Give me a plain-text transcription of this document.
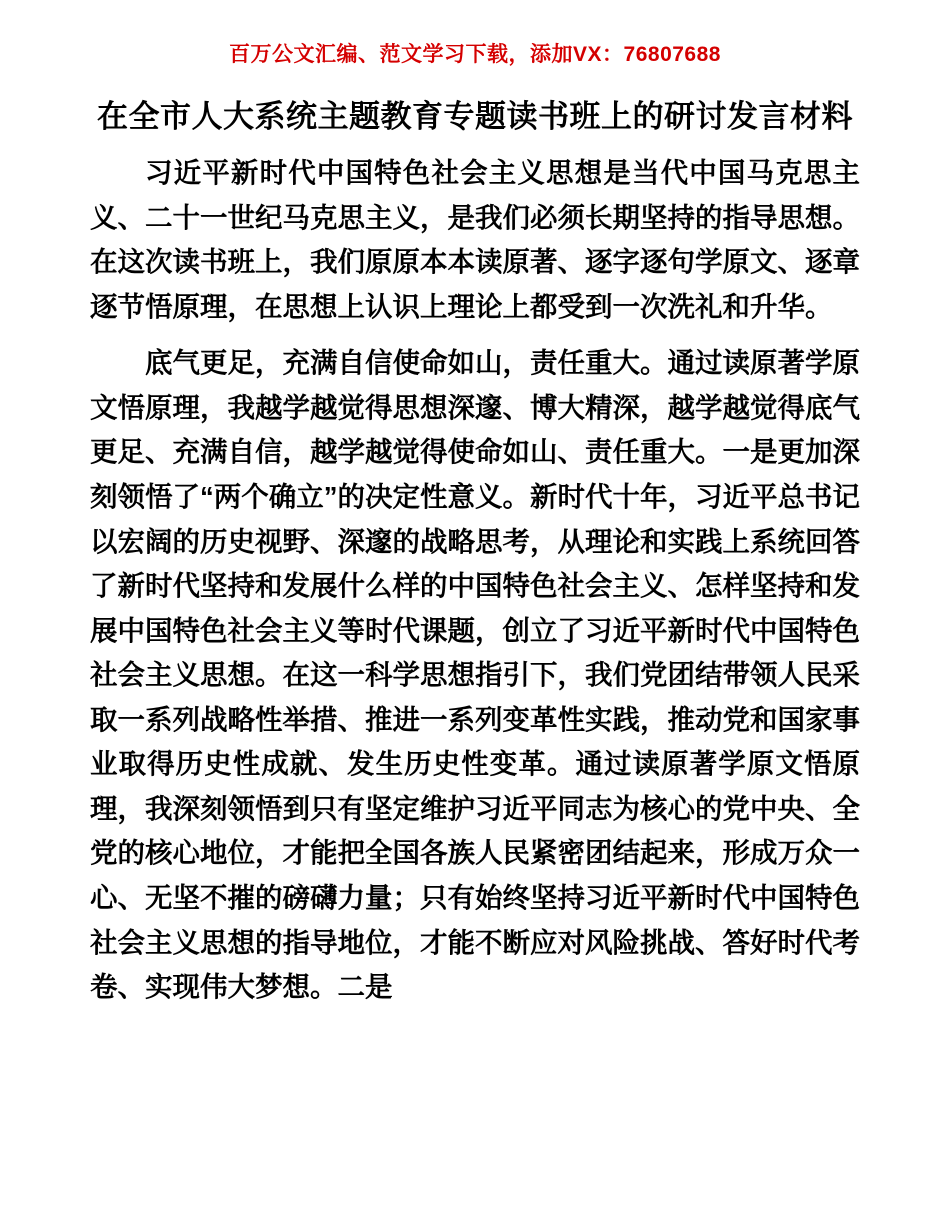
百万公文汇编、范文学习下载，添加VX：76807688
在全市人大系统主题教育专题读书班上的研讨发言材料

习近平新时代中国特色社会主义思想是当代中国马克思主义、二十一世纪马克思主义，是我们必须长期坚持的指导思想。在这次读书班上，我们原原本本读原著、逐字逐句学原文、逐章逐节悟原理，在思想上认识上理论上都受到一次洗礼和升华。

底气更足，充满自信使命如山，责任重大。通过读原著学原文悟原理，我越学越觉得思想深邃、博大精深，越学越觉得底气更足、充满自信，越学越觉得使命如山、责任重大。一是更加深刻领悟了“两个确立”的决定性意义。新时代十年，习近平总书记以宏阔的历史视野、深邃的战略思考，从理论和实践上系统回答了新时代坚持和发展什么样的中国特色社会主义、怎样坚持和发展中国特色社会主义等时代课题，创立了习近平新时代中国特色社会主义思想。在这一科学思想指引下，我们党团结带领人民采取一系列战略性举措、推进一系列变革性实践，推动党和国家事业取得历史性成就、发生历史性变革。通过读原著学原文悟原理，我深刻领悟到只有坚定维护习近平同志为核心的党中央、全党的核心地位，才能把全国各族人民紧密团结起来，形成万众一心、无坚不摧的磅礴力量；只有始终坚持习近平新时代中国特色社会主义思想的指导地位，才能不断应对风险挑战、答好时代考卷、实现伟大梦想。二是
